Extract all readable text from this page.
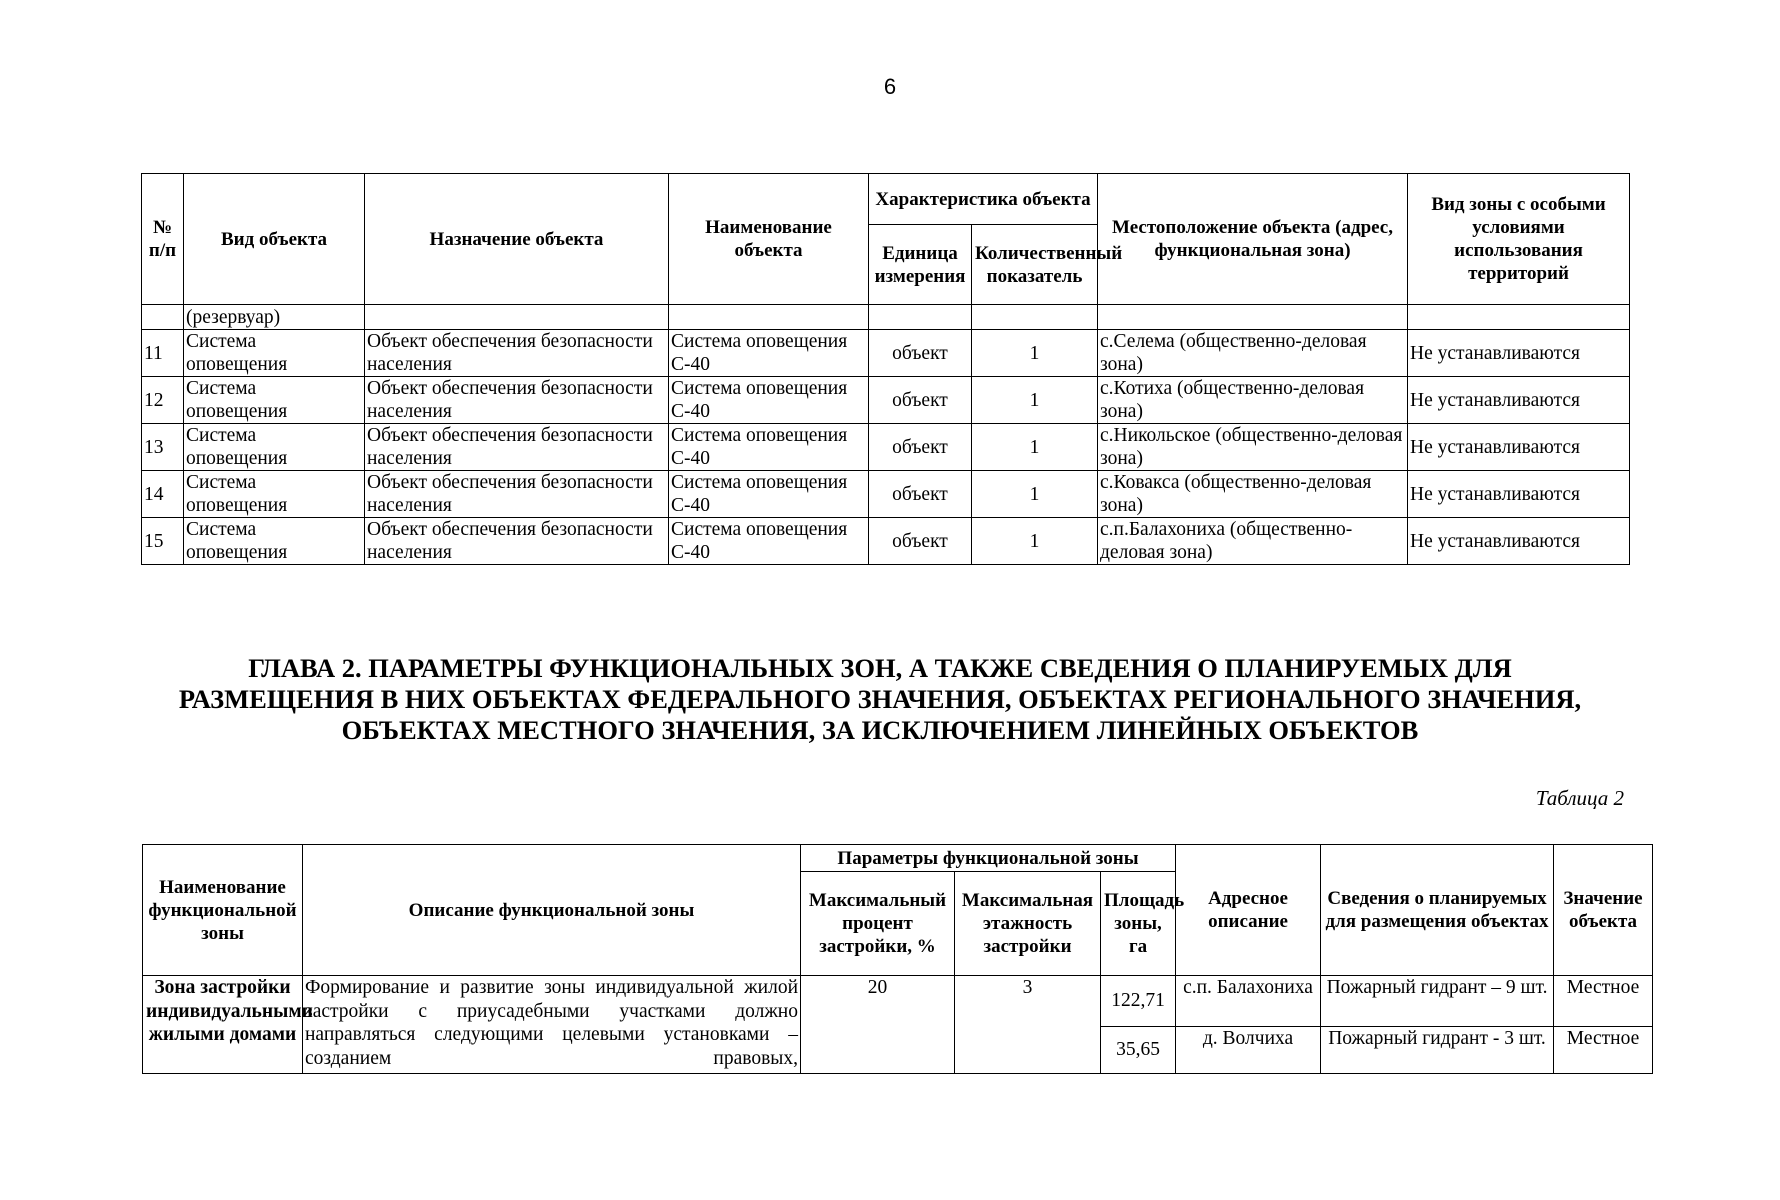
6
№ п/п	Вид объекта	Назначение объекта	Наименование объекта	Характеристика объекта		Местоположение объекта (адрес, функциональная зона)	Вид зоны с особыми условиями использования территорий
				Единица измерения	Количественный показатель		
	(резервуар)						
11	Система оповещения	Объект обеспечения безопасности населения	Система оповещения С-40	объект	1	с.Селема (общественно-деловая зона)	Не устанавливаются
12	Система оповещения	Объект обеспечения безопасности населения	Система оповещения С-40	объект	1	с.Котиха (общественно-деловая зона)	Не устанавливаются
13	Система оповещения	Объект обеспечения безопасности населения	Система оповещения С-40	объект	1	с.Никольское (общественно-деловая зона)	Не устанавливаются
14	Система оповещения	Объект обеспечения безопасности населения	Система оповещения С-40	объект	1	с.Ковакса (общественно-деловая зона)	Не устанавливаются
15	Система оповещения	Объект обеспечения безопасности населения	Система оповещения С-40	объект	1	с.п.Балахониха (общественно-деловая зона)	Не устанавливаются
ГЛАВА 2. ПАРАМЕТРЫ ФУНКЦИОНАЛЬНЫХ ЗОН, А ТАКЖЕ СВЕДЕНИЯ О ПЛАНИРУЕМЫХ ДЛЯ РАЗМЕЩЕНИЯ В НИХ ОБЪЕКТАХ ФЕДЕРАЛЬНОГО ЗНАЧЕНИЯ, ОБЪЕКТАХ РЕГИОНАЛЬНОГО ЗНАЧЕНИЯ, ОБЪЕКТАХ МЕСТНОГО ЗНАЧЕНИЯ, ЗА ИСКЛЮЧЕНИЕМ ЛИНЕЙНЫХ ОБЪЕКТОВ
Таблица 2
Наименование функциональной зоны	Описание функциональной зоны	Параметры функциональной зоны			Адресное описание	Сведения о планируемых для размещения объектах	Значение объекта
		Максимальный процент застройки, %	Максимальная этажность застройки	Площадь зоны, га			
Зона застройки индивидуальными жилыми домами	Формирование и развитие зоны индивидуальной жилой застройки с приусадебными участками должно направляться следующими целевыми установками – созданием правовых,	20	3	122,71	с.п. Балахониха	Пожарный гидрант – 9 шт.	Местное
				35,65	д. Волчиха	Пожарный гидрант - 3 шт.	Местное
